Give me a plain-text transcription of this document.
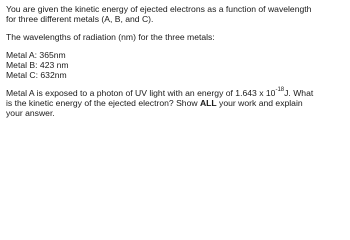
You are given the kinetic energy of ejected electrons as a function of wavelength

for three different metals (A, B, and C).

The wavelengths of radiation (nm) for the three metals:

Metal A: 365nm

Metal B: 423 nm

Metal C: 632nm

Metal A is exposed to a photon of UV light with an energy of 1.643 x $10^{-18}J$. What

is the kinetic energy of the ejected electron? Show ALL your work and explain

your answer.
